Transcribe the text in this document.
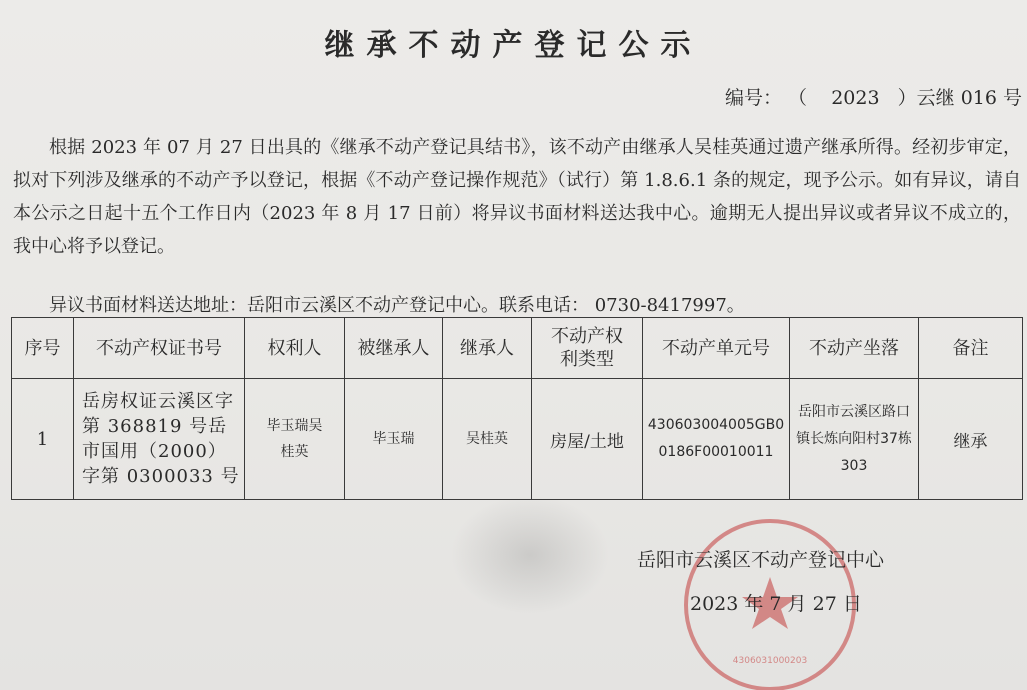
继承不动产登记公示
编号： （    2023   ）云继 016 号
根据 2023 年 07 月 27 日出具的《继承不动产登记具结书》，该不动产由继承人吴桂英通过遗产继承所得。经初步审定，拟对下列涉及继承的不动产予以登记，根据《不动产登记操作规范》（试行）第 1.8.6.1 条的规定，现予公示。如有异议，请自本公示之日起十五个工作日内（2023 年 8 月 17 日前）将异议书面材料送达我中心。逾期无人提出异议或者异议不成立的，我中心将予以登记。
异议书面材料送达地址：岳阳市云溪区不动产登记中心。联系电话： 0730-8417997。
序号	不动产权证书号	权利人	被继承人	继承人	不动产权利类型	不动产单元号	不动产坐落	备注
1	岳房权证云溪区字第 368819 号岳市国用（2000）字第 0300033 号	毕玉瑞吴桂英	毕玉瑞	吴桂英	房屋/土地	430603004005GB00186F00010011	岳阳市云溪区路口镇长炼向阳村37栋303	继承
4306031000203
岳阳市云溪区不动产登记中心
2023 年 7 月 27 日
